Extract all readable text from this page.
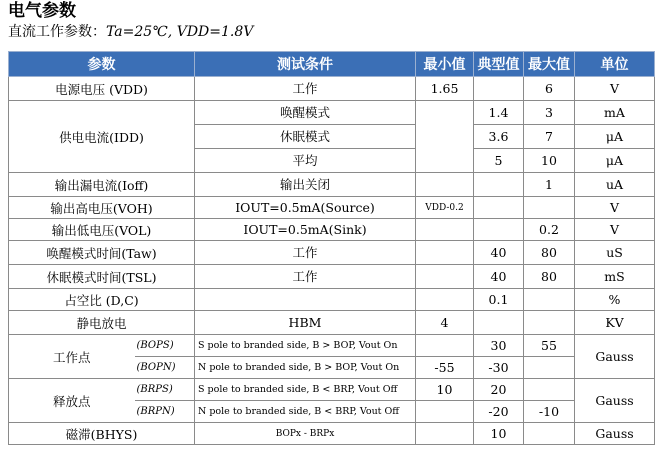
电气参数
直流工作参数：Ta=25℃, VDD=1.8V
参数		测试条件	最小值	典型值	最大值	单位
电源电压 (VDD)		工作	1.65		6	V
供电电流(IDD)		唤醒模式		1.4	3	mA
		休眠模式		3.6	7	μA
		平均		5	10	μA
输出漏电流(Ioff)		输出关闭			1	uA
输出高电压(VOH)		IOUT=0.5mA(Source)	VDD-0.2			V
输出低电压(VOL)		IOUT=0.5mA(Sink)			0.2	V
唤醒模式时间(Taw)		工作		40	80	uS
休眠模式时间(TSL)		工作		40	80	mS
占空比 (D,C)				0.1		%
静电放电		HBM	4			KV
工作点	(BOPS)	S pole to branded side, B > BOP, Vout On		30	55	Gauss
	(BOPN)	N pole to branded side, B > BOP, Vout On	-55	-30		
释放点	(BRPS)	S pole to branded side, B < BRP, Vout Off	10	20		Gauss
	(BRPN)	N pole to branded side, B < BRP, Vout Off		-20	-10	
磁滞(BHYS)		BOPx - BRPx		10		Gauss
